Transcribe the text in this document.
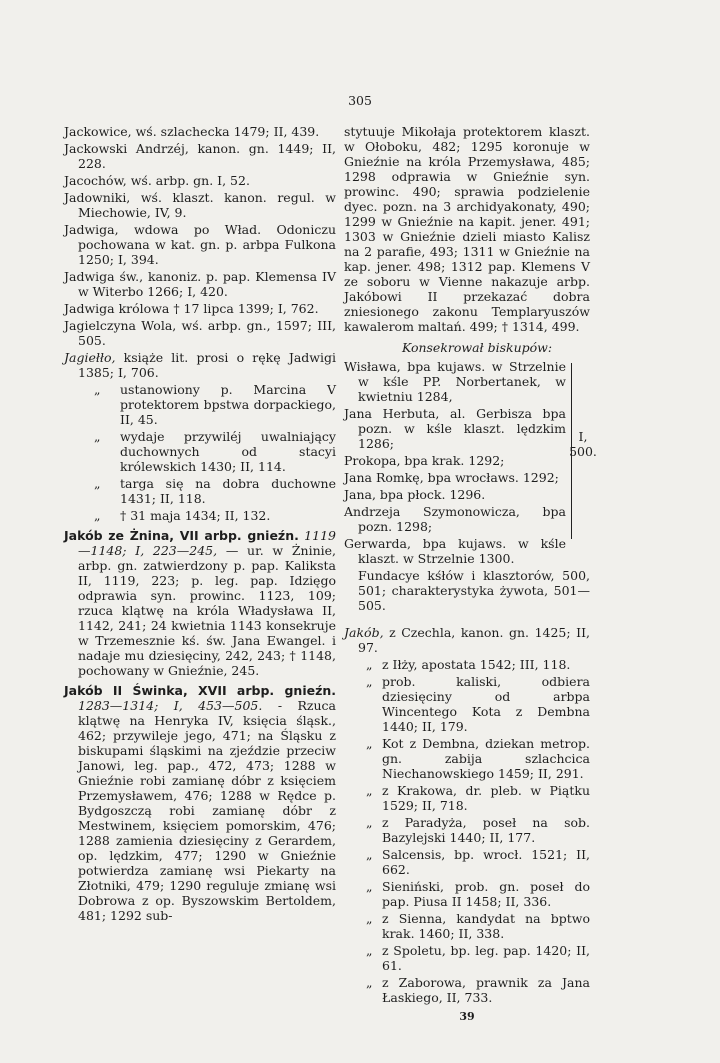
305

Jackowice, wś. szlachecka 1479; II, 439.

Jackowski Andrzéj, kanon. gn. 1449; II, 228.

Jacochów, wś. arbp. gn. I, 52.

Jadowniki, wś. klaszt. kanon. regul. w Miechowie, IV, 9.

Jadwiga, wdowa po Wład. Odoniczu pochowana w kat. gn. p. arbpa Fulkona 1250; I, 394.

Jadwiga św., kanoniz. p. pap. Klemensa IV w Witerbo 1266; I, 420.

Jadwiga królowa † 17 lipca 1399; I, 762.

Jagielczyna Wola, wś. arbp. gn., 1597; III, 505.

Jagiełło, książe lit. prosi o rękę Jadwigi 1385; I, 706.

„ ustanowiony p. Marcina V protektorem bpstwa dorpackiego, II, 45.
„ wydaje przywiléj uwalniający duchownych od stacyi królewskich 1430; II, 114.
„ targa się na dobra duchowne 1431; II, 118.
„ † 31 maja 1434; II, 132.

Jakób ze Żnina, VII arbp. gnieźn. 1119—1148; I, 223—245, — ur. w Żninie, arbp. gn. zatwierdzony p. pap. Kaliksta II, 1119, 223; p. leg. pap. Idzięgo odprawia syn. prowinc. 1123, 109; rzuca klątwę na króla Władysława II, 1142, 241; 24 kwietnia 1143 konsekruje w Trzemesznie kś. św. Jana Ewangel. i nadaje mu dziesięciny, 242, 243; † 1148, pochowany w Gnieźnie, 245.

Jakób II Świnka, XVII arbp. gnieźn. 1283—1314; I, 453—505. - Rzuca klątwę na Henryka IV, księcia śląsk., 462; przywileje jego, 471; na Śląsku z biskupami śląskimi na zjeździe przeciw Janowi, leg. pap., 472, 473; 1288 w Gnieźnie robi zamianę dóbr z księciem Przemysławem, 476; 1288 w Rędce p. Bydgoszczą robi zamianę dóbr z Mestwinem, księciem pomorskim, 476; 1288 zamienia dziesięciny z Gerardem, op. lędzkim, 477; 1290 w Gnieźnie potwierdza zamianę wsi Piekarty na Złotniki, 479; 1290 reguluje zmianę wsi Dobrowa z op. Byszowskim Bertoldem, 481; 1292 sub-

stytuuje Mikołaja protektorem klaszt. w Ołoboku, 482; 1295 koronuje w Gnieźnie na króla Przemysława, 485; 1298 odprawia w Gnieźnie syn. prowinc. 490; sprawia podzielenie dyec. pozn. na 3 archidyakonaty, 490; 1299 w Gnieźnie na kapit. jener. 491; 1303 w Gnieźnie dzieli miasto Kalisz na 2 parafie, 493; 1311 w Gnieźnie na kap. jener. 498; 1312 pap. Klemens V ze soboru w Vienne nakazuje arbp. Jakóbowi II przekazać dobra zniesionego zakonu Templaryuszów kawalerom maltań. 499; † 1314, 499.

Konsekrował biskupów:

Wisława, bpa kujaws. w Strzelnie w kśle PP. Norbertanek, w kwietniu 1284,

Jana Herbuta, al. Gerbisza bpa pozn. w kśle klaszt. lędzkim 1286;

Prokopa, bpa krak. 1292;

Jana Romkę, bpa wrocławs. 1292;

Jana, bpa płock. 1296.

Andrzeja Szymonowicza, bpa pozn. 1298;

Gerwarda, bpa kujaws. w kśle klaszt. w Strzelnie 1300.

I,
500.

Fundacye kśłów i klasztorów, 500, 501; charakterystyka żywota, 501—505.

Jakób, z Czechla, kanon. gn. 1425; II, 97.

„ z Iłży, apostata 1542; III, 118.
„ prob. kaliski, odbiera dziesięciny od arbpa Wincentego Kota z Dembna 1440; II, 179.
„ Kot z Dembna, dziekan metrop. gn. zabija szlachcica Niechanowskiego 1459; II, 291.
„ z Krakowa, dr. pleb. w Piątku 1529; II, 718.
„ z Paradyża, poseł na sob. Bazylejski 1440; II, 177.
„ Salcensis, bp. wrocł. 1521; II, 662.
„ Sieniński, prob. gn. poseł do pap. Piusa II 1458; II, 336.
„ z Sienna, kandydat na bptwo krak. 1460; II, 338.
„ z Spoletu, bp. leg. pap. 1420; II, 61.
„ z Zaborowa, prawnik za Jana Łaskiego, II, 733.
39
